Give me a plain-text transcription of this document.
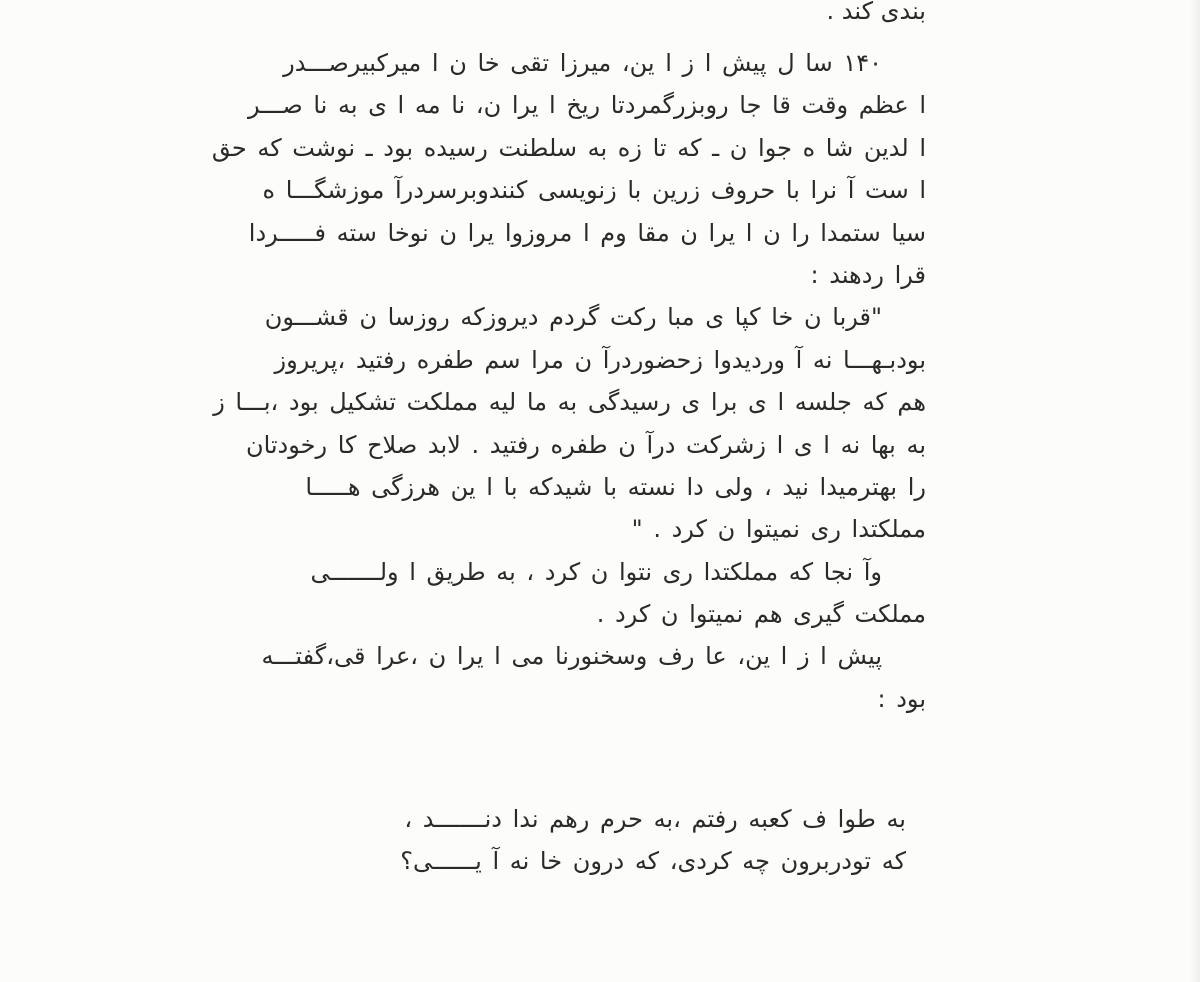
بندی کند .
۱۴۰ سا ل پیش ا ز ا ین، میرزا تقی خا ن ا میرکبیرصـــدر
ا عظم وقت قا جا روبزرگمردتا ریخ ا یرا ن، نا مه ا ی به نا صـــر
ا لدین شا ه جوا ن ـ که تا زه به سلطنت رسیده بود ـ نوشت که حق
ا ست آ نرا با حروف زرین با زنویسی کنندوبرسردرآ موزشگـــا ه
سیا ستمدا را ن ا یرا ن مقا وم ا مروزوا یرا ن نوخا سته فـــــردا
قرا ردهند :
"قربا ن خا کپا ی مبا رکت گردم دیروزکه روزسا ن قشـــون
بودبـهـــا نه آ وردیدوا زحضوردرآ ن مرا سم طفره رفتید ،پریروز
هم که جلسه ا ی برا ی رسیدگی به ما لیه مملکت تشکیل بود ،بـــا ز
به بها نه ا ی ا زشرکت درآ ن طفره رفتید . لابد صلاح کا رخودتان
را بهترمیدا نید ، ولی دا نسته با شیدکه با ا ین هرزگی هـــــا
مملکتدا ری نمیتوا ن کرد . "
وآ نجا که مملکتدا ری نتوا ن کرد ، به طریق ا ولـــــــی
مملکت گیری هم نمیتوا ن کرد .
پیش ا ز ا ین، عا رف وسخنورنا می ا یرا ن ،عرا قی،گفتـــه
بود :
به طوا ف کعبه رفتم ،به حرم رهم ندا دنـــــــد ،
که تودربرون چه کردی، که درون خا نه آ یــــــی؟
